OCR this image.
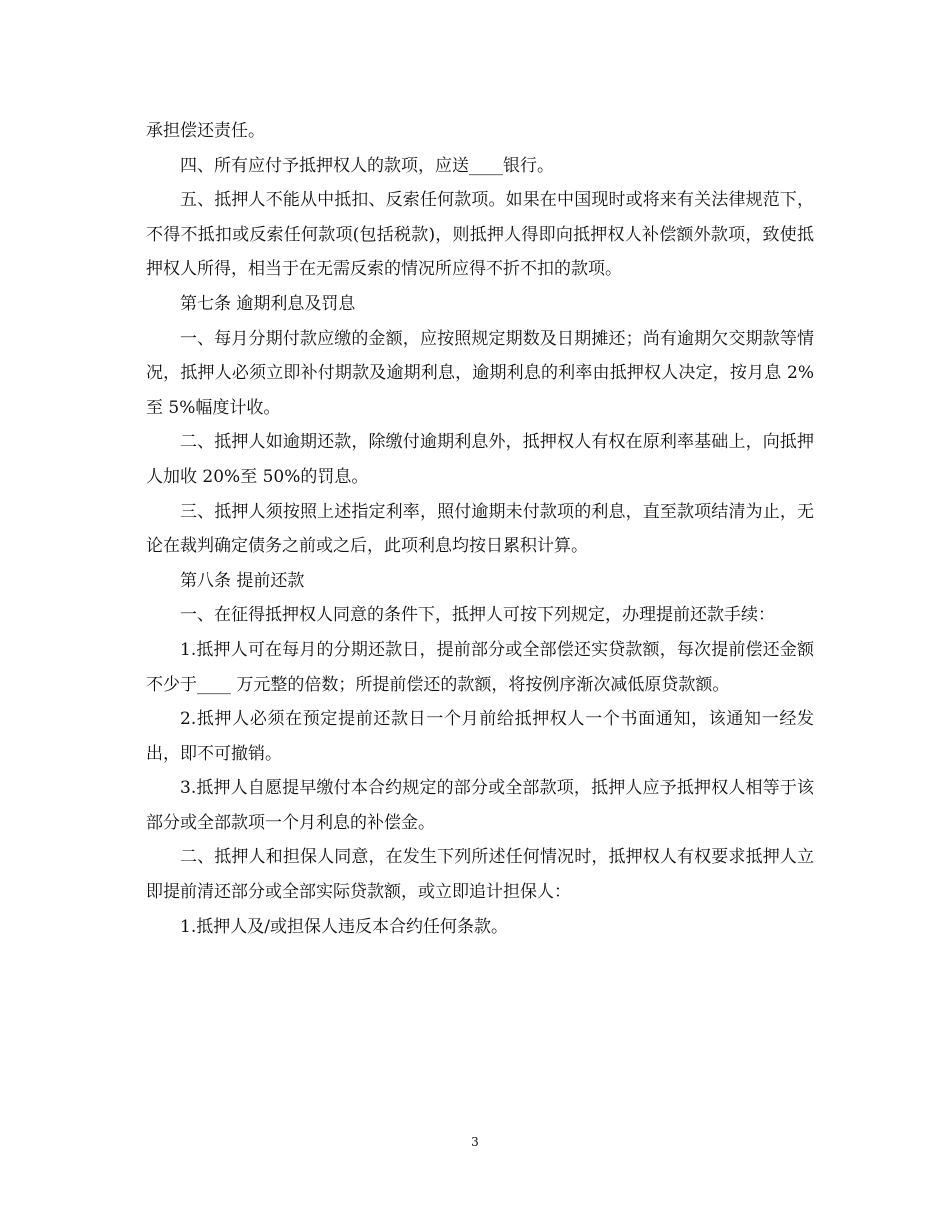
承担偿还责任。

四、所有应付予抵押权人的款项，应送____银行。

五、抵押人不能从中抵扣、反索任何款项。如果在中国现时或将来有关法律规范下，不得不抵扣或反索任何款项(包括税款)，则抵押人得即向抵押权人补偿额外款项，致使抵押权人所得，相当于在无需反索的情况所应得不折不扣的款项。

第七条 逾期利息及罚息

一、每月分期付款应缴的金额，应按照规定期数及日期摊还；尚有逾期欠交期款等情况，抵押人必须立即补付期款及逾期利息，逾期利息的利率由抵押权人决定，按月息 2%至 5%幅度计收。

二、抵押人如逾期还款，除缴付逾期利息外，抵押权人有权在原利率基础上，向抵押人加收 20%至 50%的罚息。

三、抵押人须按照上述指定利率，照付逾期未付款项的利息，直至款项结清为止，无论在裁判确定债务之前或之后，此项利息均按日累积计算。

第八条 提前还款

一、在征得抵押权人同意的条件下，抵押人可按下列规定，办理提前还款手续：

1.抵押人可在每月的分期还款日，提前部分或全部偿还实贷款额，每次提前偿还金额不少于____ 万元整的倍数；所提前偿还的款额，将按例序渐次减低原贷款额。

2.抵押人必须在预定提前还款日一个月前给抵押权人一个书面通知，该通知一经发出，即不可撤销。

3.抵押人自愿提早缴付本合约规定的部分或全部款项，抵押人应予抵押权人相等于该部分或全部款项一个月利息的补偿金。

二、抵押人和担保人同意，在发生下列所述任何情况时，抵押权人有权要求抵押人立即提前清还部分或全部实际贷款额，或立即追计担保人：

1.抵押人及/或担保人违反本合约任何条款。

3
